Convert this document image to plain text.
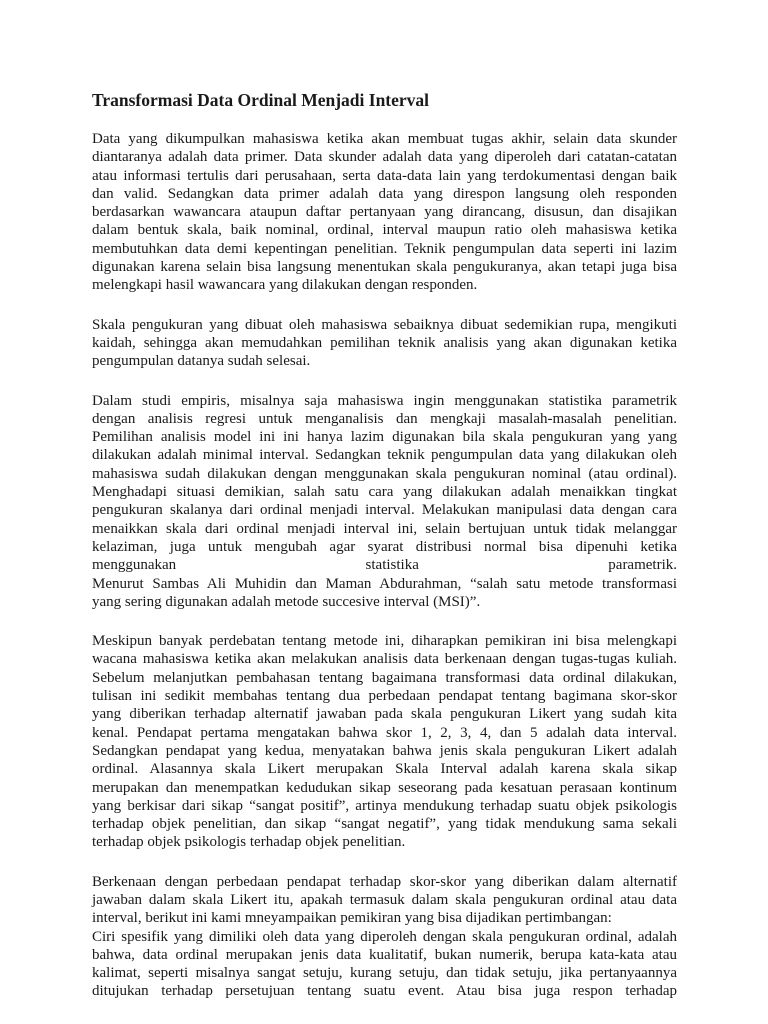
Transformasi Data Ordinal Menjadi Interval

Data yang dikumpulkan mahasiswa ketika akan membuat tugas akhir, selain data skunder
diantaranya adalah data primer. Data skunder adalah data yang diperoleh dari catatan-catatan
atau informasi tertulis dari perusahaan, serta data-data lain yang terdokumentasi dengan baik
dan valid. Sedangkan data primer adalah data yang direspon langsung oleh responden
berdasarkan wawancara ataupun daftar pertanyaan yang dirancang, disusun, dan disajikan
dalam bentuk skala, baik nominal, ordinal, interval maupun ratio oleh mahasiswa ketika
membutuhkan data demi kepentingan penelitian. Teknik pengumpulan data seperti ini lazim
digunakan karena selain bisa langsung menentukan skala pengukuranya, akan tetapi juga bisa
melengkapi hasil wawancara yang dilakukan dengan responden.

Skala pengukuran yang dibuat oleh mahasiswa sebaiknya dibuat sedemikian rupa, mengikuti
kaidah, sehingga akan memudahkan pemilihan teknik analisis yang akan digunakan ketika
pengumpulan datanya sudah selesai.

Dalam studi empiris, misalnya saja mahasiswa ingin menggunakan statistika parametrik
dengan analisis regresi untuk menganalisis dan mengkaji masalah-masalah penelitian.
Pemilihan analisis model ini ini hanya lazim digunakan bila skala pengukuran yang yang
dilakukan adalah minimal interval. Sedangkan teknik pengumpulan data yang dilakukan oleh
mahasiswa sudah dilakukan dengan menggunakan skala pengukuran nominal (atau ordinal).
Menghadapi situasi demikian, salah satu cara yang dilakukan adalah menaikkan tingkat
pengukuran skalanya dari ordinal menjadi interval. Melakukan manipulasi data dengan cara
menaikkan skala dari ordinal menjadi interval ini, selain bertujuan untuk tidak melanggar
kelaziman, juga untuk mengubah agar syarat distribusi normal bisa dipenuhi ketika
menggunakan statistika parametrik.
Menurut Sambas Ali Muhidin dan Maman Abdurahman, “salah satu metode transformasi
yang sering digunakan adalah metode succesive interval (MSI)”.

Meskipun banyak perdebatan tentang metode ini, diharapkan pemikiran ini bisa melengkapi
wacana mahasiswa ketika akan melakukan analisis data berkenaan dengan tugas-tugas kuliah.
Sebelum melanjutkan pembahasan tentang bagaimana transformasi data ordinal dilakukan,
tulisan ini sedikit membahas tentang dua perbedaan pendapat tentang bagimana skor-skor
yang diberikan terhadap alternatif jawaban pada skala pengukuran Likert yang sudah kita
kenal. Pendapat pertama mengatakan bahwa skor 1, 2, 3, 4, dan 5 adalah data interval.
Sedangkan pendapat yang kedua, menyatakan bahwa jenis skala pengukuran Likert adalah
ordinal. Alasannya skala Likert merupakan Skala Interval adalah karena skala sikap
merupakan dan menempatkan kedudukan sikap seseorang pada kesatuan perasaan kontinum
yang berkisar dari sikap “sangat positif”, artinya mendukung terhadap suatu objek psikologis
terhadap objek penelitian, dan sikap “sangat negatif”, yang tidak mendukung sama sekali
terhadap objek psikologis terhadap objek penelitian.

Berkenaan dengan perbedaan pendapat terhadap skor-skor yang diberikan dalam alternatif
jawaban dalam skala Likert itu, apakah termasuk dalam skala pengukuran ordinal atau data
interval, berikut ini kami mneyampaikan pemikiran yang bisa dijadikan pertimbangan:
Ciri spesifik yang dimiliki oleh data yang diperoleh dengan skala pengukuran ordinal, adalah
bahwa, data ordinal merupakan jenis data kualitatif, bukan numerik, berupa kata-kata atau
kalimat, seperti misalnya sangat setuju, kurang setuju, dan tidak setuju, jika pertanyaannya
ditujukan terhadap persetujuan tentang suatu event. Atau bisa juga respon terhadap
